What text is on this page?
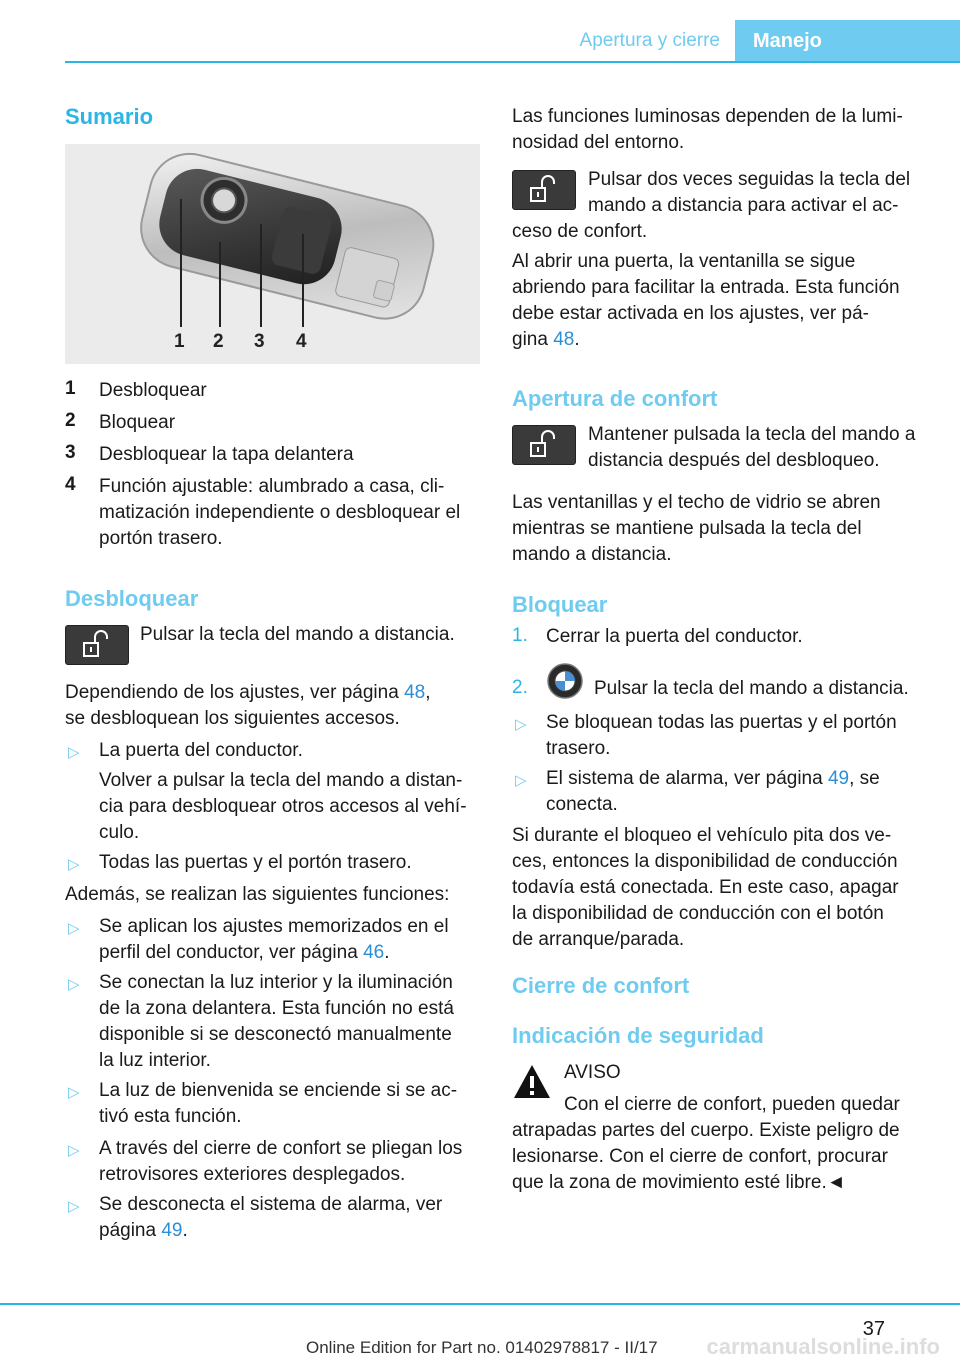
Apertura y cierre	Manejo
Sumario
1 2 3 4
1 Desbloquear
2 Bloquear
3 Desbloquear la tapa delantera
4 Función ajustable: alumbrado a casa, cli‐
matización independiente o desbloquear el
portón trasero.
Desbloquear
Pulsar la tecla del mando a distancia.
Dependiendo de los ajustes, ver página 48,
se desbloquean los siguientes accesos.
▷ La puerta del conductor.
Volver a pulsar la tecla del mando a distan‐
cia para desbloquear otros accesos al vehí‐
culo.
▷ Todas las puertas y el portón trasero.
Además, se realizan las siguientes funciones:
▷ Se aplican los ajustes memorizados en el
perfil del conductor, ver página 46.
▷ Se conectan la luz interior y la iluminación
de la zona delantera. Esta función no está
disponible si se desconectó manualmente
la luz interior.
▷ La luz de bienvenida se enciende si se ac‐
tivó esta función.
▷ A través del cierre de confort se pliegan los
retrovisores exteriores desplegados.
▷ Se desconecta el sistema de alarma, ver
página 49.
Las funciones luminosas dependen de la lumi‐
nosidad del entorno.
Pulsar dos veces seguidas la tecla del
mando a distancia para activar el ac‐
ceso de confort.
Al abrir una puerta, la ventanilla se sigue
abriendo para facilitar la entrada. Esta función
debe estar activada en los ajustes, ver pá‐
gina 48.
Apertura de confort
Mantener pulsada la tecla del mando a
distancia después del desbloqueo.
Las ventanillas y el techo de vidrio se abren
mientras se mantiene pulsada la tecla del
mando a distancia.
Bloquear
1. Cerrar la puerta del conductor.
2.	Pulsar la tecla del mando a distancia.
▷ Se bloquean todas las puertas y el portón
trasero.
▷ El sistema de alarma, ver página 49, se
conecta.
Si durante el bloqueo el vehículo pita dos ve‐
ces, entonces la disponibilidad de conducción
todavía está conectada. En este caso, apagar
la disponibilidad de conducción con el botón
de arranque/parada.
Cierre de confort
Indicación de seguridad
AVISO
Con el cierre de confort, pueden quedar
atrapadas partes del cuerpo. Existe peligro de
lesionarse. Con el cierre de confort, procurar
que la zona de movimiento esté libre.◄
37
Online Edition for Part no. 01402978817 - II/17 carmanualsonline.info
